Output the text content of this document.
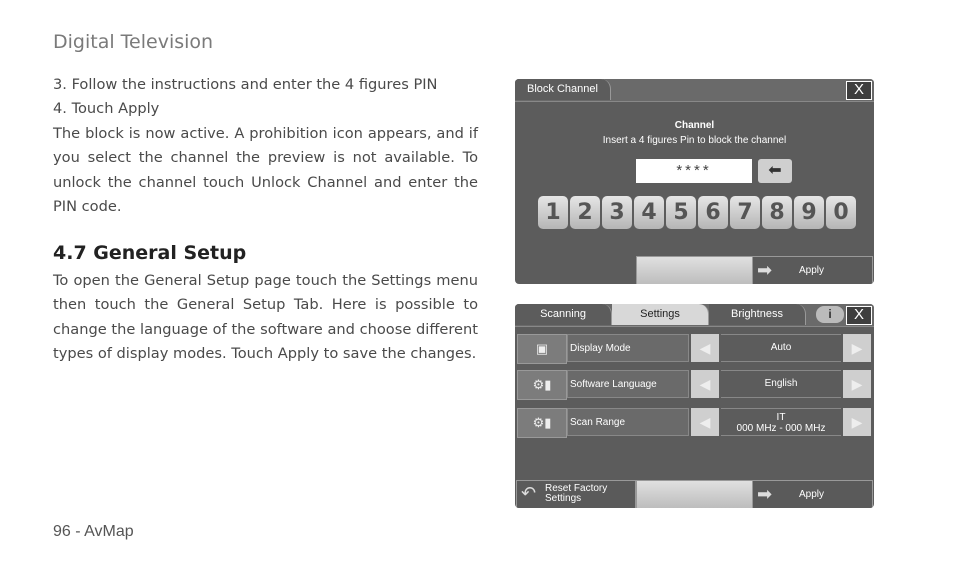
Digital Television

3. Follow the instructions and enter the 4 figures PIN

4. Touch Apply

The block is now active. A prohibition icon appears, and if you select the channel the preview is not available. To unlock the channel touch Unlock Channel and enter the PIN code.

4.7 General Setup

To open the General Setup page touch the Settings menu then touch the General Setup Tab. Here is possible to change the language of the software and choose different types of display modes. Touch Apply to save the changes.

96 - AvMap
Block Channel	X
Channel
Insert a 4 figures Pin to block the channel
****	⬅
1 2 3 4 5 6 7 8 9 0
➡	Apply
Scanning	Settings	Brightness	i	X
▣	Display Mode	◀	Auto	▶
⚙▮	Software Language	◀	English	▶
⚙▮	Scan Range	◀	IT
000 MHz - 000 MHz	▶
↶ Reset Factory
Settings	➡	Apply
